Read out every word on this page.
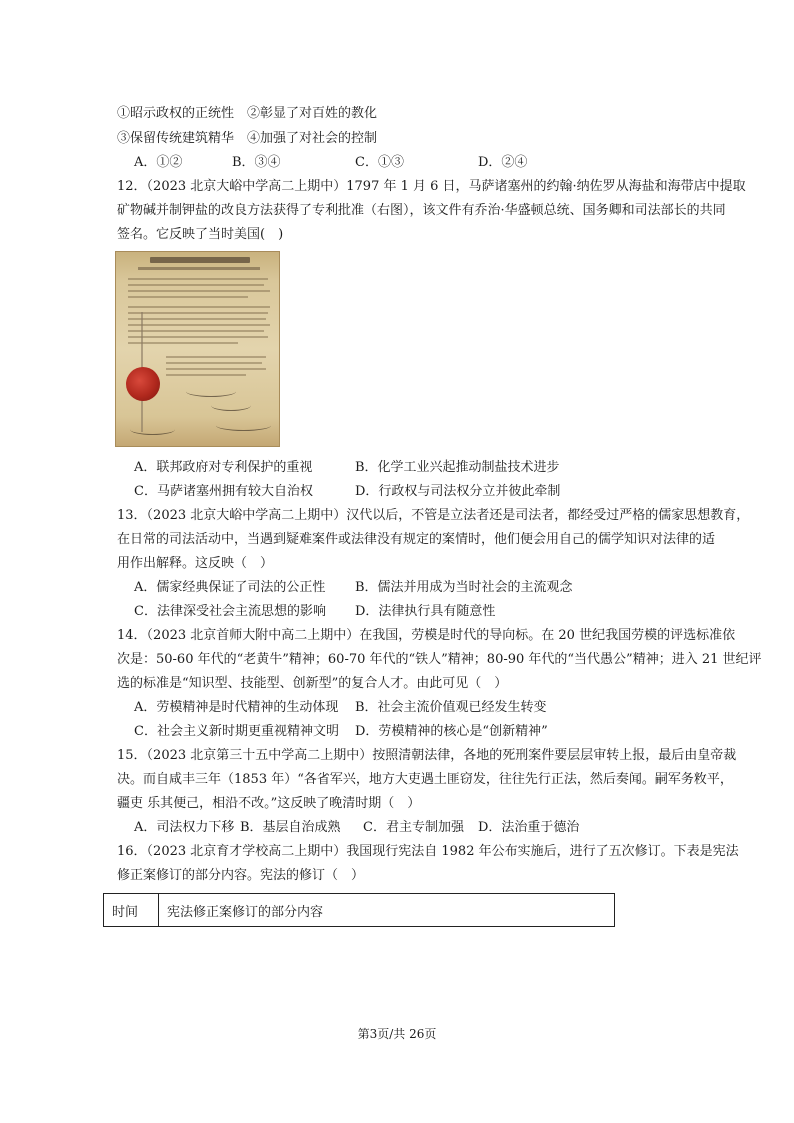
①昭示政权的正统性　②彰显了对百姓的教化
③保留传统建筑精华　④加强了对社会的控制
A．①②	B．③④	C．①③	D．②④
12．（2023 北京大峪中学高二上期中）1797 年 1 月 6 日，马萨诸塞州的约翰·纳佐罗从海盐和海带店中提取
矿物碱并制钾盐的改良方法获得了专利批准（右图），该文件有乔治·华盛顿总统、国务卿和司法部长的共同
签名。它反映了当时美国(　)
A．联邦政府对专利保护的重视	B．化学工业兴起推动制盐技术进步
C．马萨诸塞州拥有较大自治权	D．行政权与司法权分立并彼此牵制
13．（2023 北京大峪中学高二上期中）汉代以后，不管是立法者还是司法者，都经受过严格的儒家思想教育，
在日常的司法活动中，当遇到疑难案件或法律没有规定的案情时，他们便会用自己的儒学知识对法律的适
用作出解释。这反映（　）
A．儒家经典保证了司法的公正性 B．儒法并用成为当时社会的主流观念
C．法律深受社会主流思想的影响 D．法律执行具有随意性
14．（2023 北京首师大附中高二上期中）在我国，劳模是时代的导向标。在 20 世纪我国劳模的评选标准依
次是：50-60 年代的“老黄牛”精神；60-70 年代的“铁人”精神；80-90 年代的“当代愚公”精神；进入 21 世纪评
选的标准是“知识型、技能型、创新型”的复合人才。由此可见（　）
A．劳模精神是时代精神的生动体现 B．社会主流价值观已经发生转变
C．社会主义新时期更重视精神文明 D．劳模精神的核心是“创新精神”
15．（2023 北京第三十五中学高二上期中）按照清朝法律，各地的死刑案件要层层审转上报，最后由皇帝裁
决。而自咸丰三年（1853 年）“各省军兴，地方大吏遇土匪窃发，往往先行正法，然后奏闻。嗣军务敉平，
疆吏 乐其便己，相沿不改。”这反映了晚清时期（　）
A．司法权力下移 B．基层自治成熟 C．君主专制加强 D．法治重于德治
16．（2023 北京育才学校高二上期中）我国现行宪法自 1982 年公布实施后，进行了五次修订。下表是宪法
修正案修订的部分内容。宪法的修订（　）
时间	宪法修正案修订的部分内容
第3页/共 26页
